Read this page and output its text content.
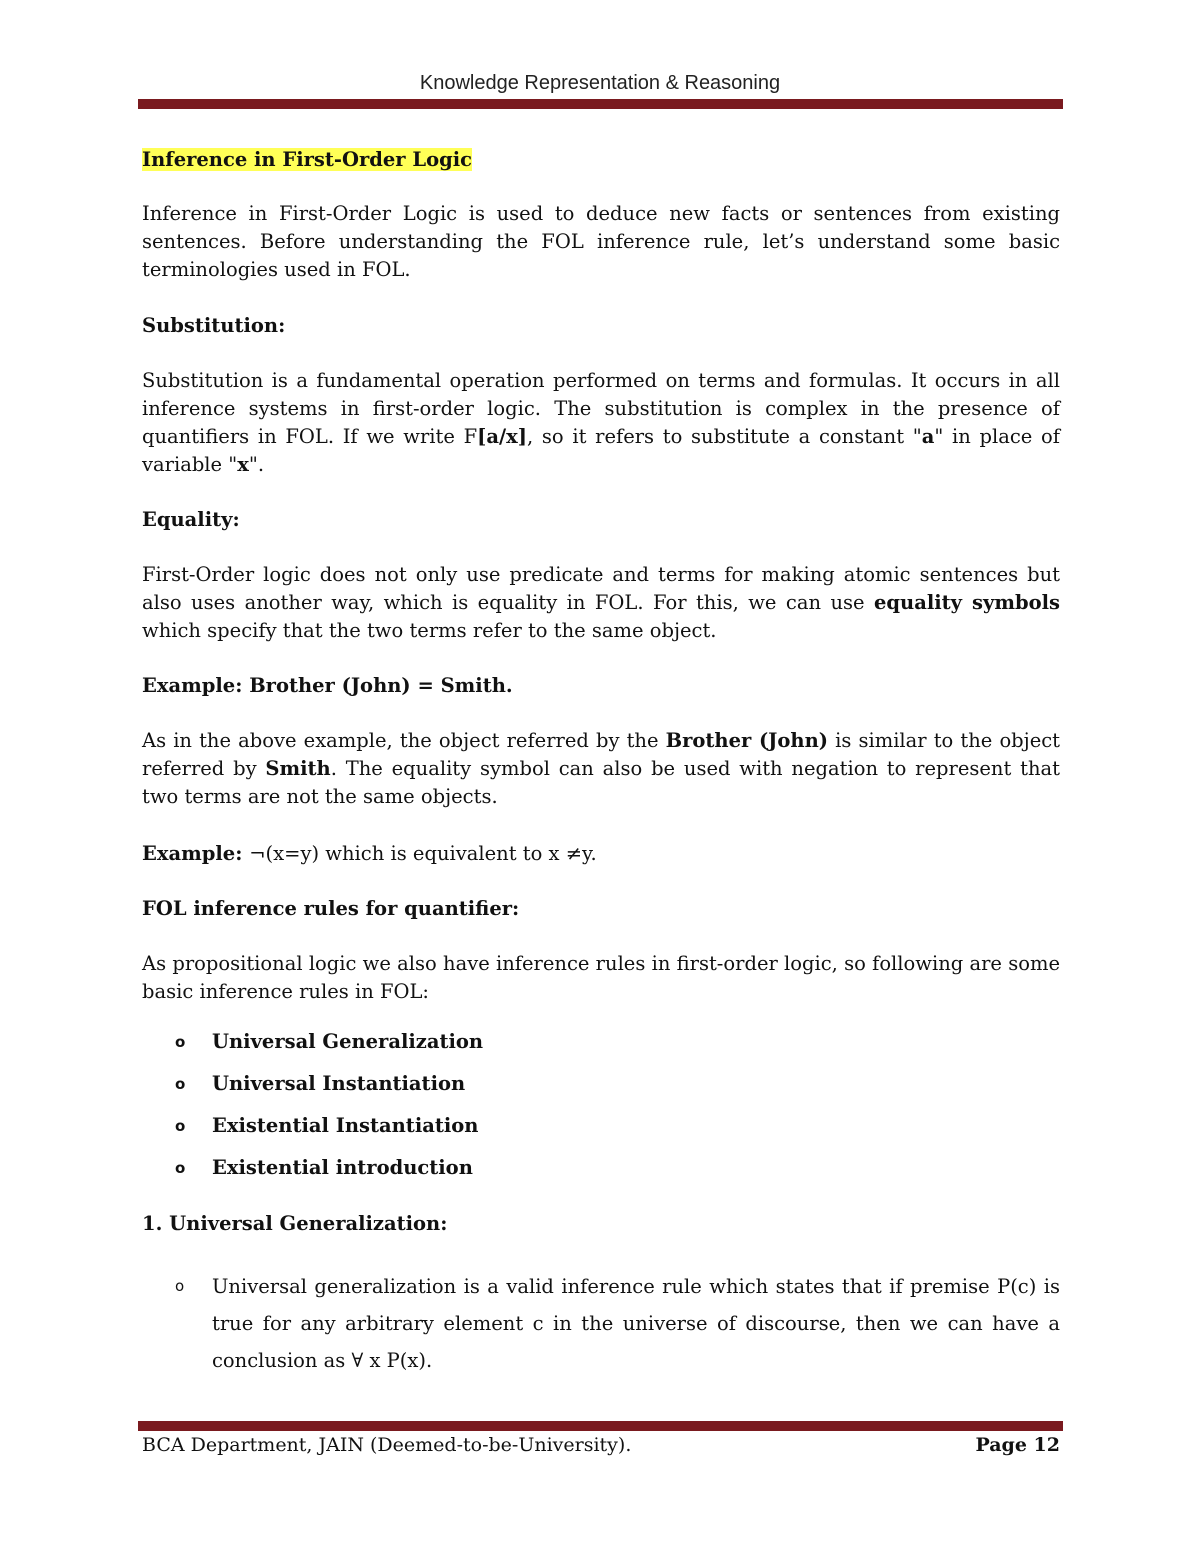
Knowledge Representation & Reasoning

Inference in First-Order Logic

Inference in First-Order Logic is used to deduce new facts or sentences from existing sentences. Before understanding the FOL inference rule, let’s understand some basic terminologies used in FOL.

Substitution:

Substitution is a fundamental operation performed on terms and formulas. It occurs in all inference systems in first-order logic. The substitution is complex in the presence of quantifiers in FOL. If we write F[a/x], so it refers to substitute a constant "a" in place of variable "x".

Equality:

First-Order logic does not only use predicate and terms for making atomic sentences but also uses another way, which is equality in FOL. For this, we can use equality symbols which specify that the two terms refer to the same object.

Example: Brother (John) = Smith.

As in the above example, the object referred by the Brother (John) is similar to the object referred by Smith. The equality symbol can also be used with negation to represent that two terms are not the same objects.

Example: ¬(x=y) which is equivalent to x ≠y.

FOL inference rules for quantifier:

As propositional logic we also have inference rules in first-order logic, so following are some basic inference rules in FOL:

o Universal Generalization
o Universal Instantiation
o Existential Instantiation
o Existential introduction

1. Universal Generalization:

o Universal generalization is a valid inference rule which states that if premise P(c) is true for any arbitrary element c in the universe of discourse, then we can have a conclusion as ∀ x P(x).
BCA Department, JAIN (Deemed-to-be-University).	Page 12
